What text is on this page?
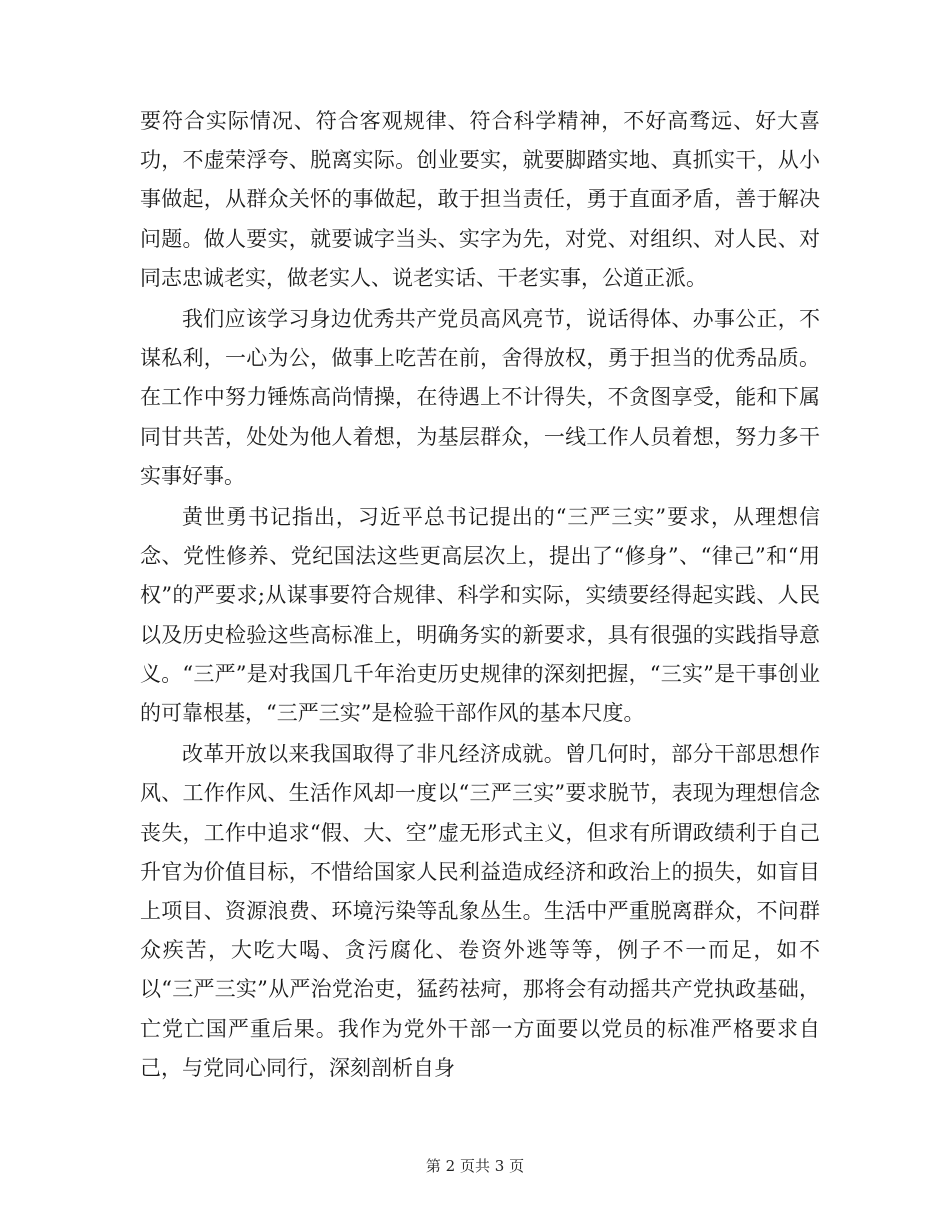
要符合实际情况、符合客观规律、符合科学精神，不好高骛远、好大喜功，不虚荣浮夸、脱离实际。创业要实，就要脚踏实地、真抓实干，从小事做起，从群众关怀的事做起，敢于担当责任，勇于直面矛盾，善于解决问题。做人要实，就要诚字当头、实字为先，对党、对组织、对人民、对同志忠诚老实，做老实人、说老实话、干老实事，公道正派。

我们应该学习身边优秀共产党员高风亮节，说话得体、办事公正，不谋私利，一心为公，做事上吃苦在前，舍得放权，勇于担当的优秀品质。在工作中努力锤炼高尚情操，在待遇上不计得失，不贪图享受，能和下属同甘共苦，处处为他人着想，为基层群众，一线工作人员着想，努力多干实事好事。

黄世勇书记指出，习近平总书记提出的“三严三实”要求，从理想信念、党性修养、党纪国法这些更高层次上，提出了“修身”、“律己”和“用权”的严要求;从谋事要符合规律、科学和实际，实绩要经得起实践、人民以及历史检验这些高标准上，明确务实的新要求，具有很强的实践指导意义。“三严”是对我国几千年治吏历史规律的深刻把握，“三实”是干事创业的可靠根基，“三严三实”是检验干部作风的基本尺度。

改革开放以来我国取得了非凡经济成就。曾几何时，部分干部思想作风、工作作风、生活作风却一度以“三严三实”要求脱节，表现为理想信念丧失，工作中追求“假、大、空”虚无形式主义，但求有所谓政绩利于自己升官为价值目标，不惜给国家人民利益造成经济和政治上的损失，如盲目上项目、资源浪费、环境污染等乱象丛生。生活中严重脱离群众，不问群众疾苦，大吃大喝、贪污腐化、卷资外逃等等，例子不一而足，如不以“三严三实”从严治党治吏，猛药祛疴，那将会有动摇共产党执政基础，亡党亡国严重后果。我作为党外干部一方面要以党员的标准严格要求自己，与党同心同行，深刻剖析自身

第 2 页共 3 页
